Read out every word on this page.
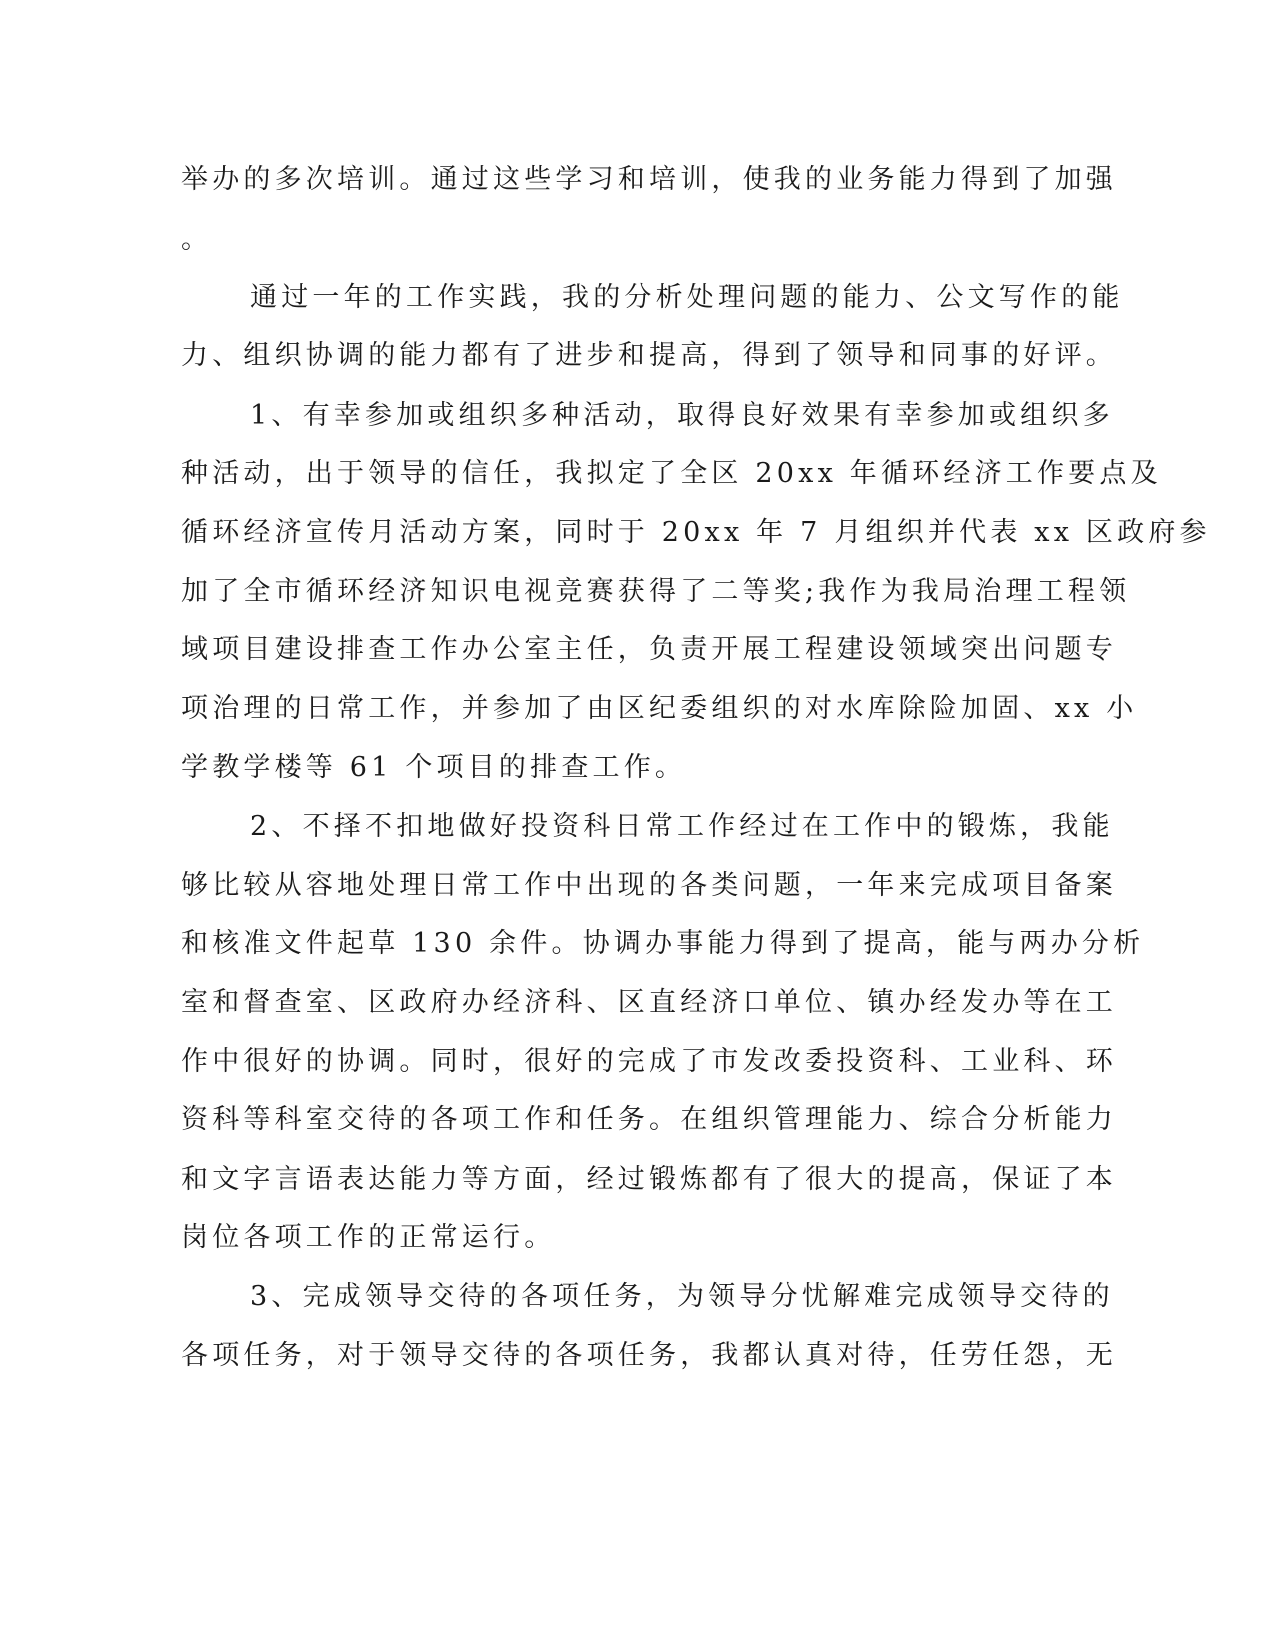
举办的多次培训。通过这些学习和培训，使我的业务能力得到了加强

。

通过一年的工作实践，我的分析处理问题的能力、公文写作的能

力、组织协调的能力都有了进步和提高，得到了领导和同事的好评。

1、有幸参加或组织多种活动，取得良好效果有幸参加或组织多

种活动，出于领导的信任，我拟定了全区 20xx 年循环经济工作要点及

循环经济宣传月活动方案，同时于 20xx 年 7 月组织并代表 xx 区政府参

加了全市循环经济知识电视竞赛获得了二等奖;我作为我局治理工程领

域项目建设排查工作办公室主任，负责开展工程建设领域突出问题专

项治理的日常工作，并参加了由区纪委组织的对水库除险加固、xx 小

学教学楼等 61 个项目的排查工作。

2、不择不扣地做好投资科日常工作经过在工作中的锻炼，我能

够比较从容地处理日常工作中出现的各类问题，一年来完成项目备案

和核准文件起草 130 余件。协调办事能力得到了提高，能与两办分析

室和督查室、区政府办经济科、区直经济口单位、镇办经发办等在工

作中很好的协调。同时，很好的完成了市发改委投资科、工业科、环

资科等科室交待的各项工作和任务。在组织管理能力、综合分析能力

和文字言语表达能力等方面，经过锻炼都有了很大的提高，保证了本

岗位各项工作的正常运行。

3、完成领导交待的各项任务，为领导分忧解难完成领导交待的

各项任务，对于领导交待的各项任务，我都认真对待，任劳任怨，无
